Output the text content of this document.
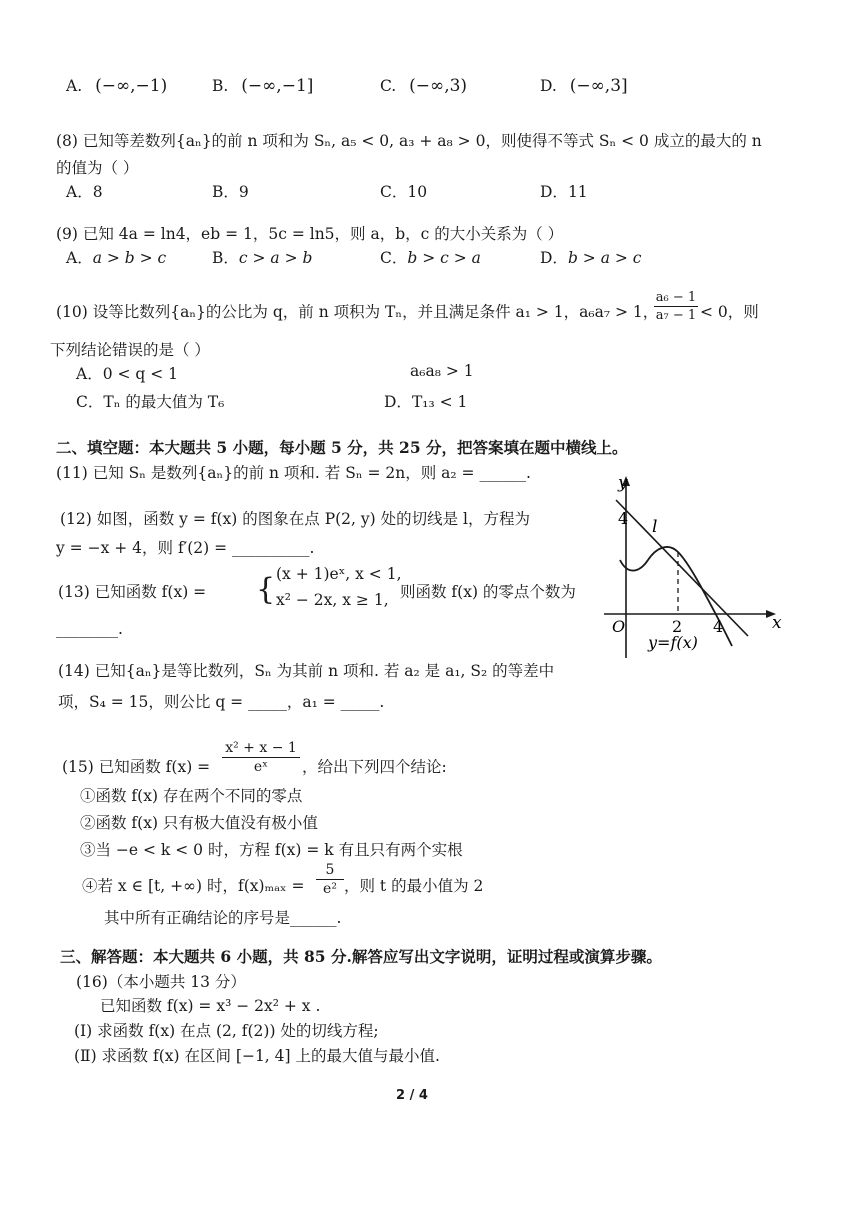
A. (−∞,−1)	B. (−∞,−1]	C. (−∞,3)	D. (−∞,3]
(8) 已知等差数列{aₙ}的前 n 项和为 Sₙ, a₅ < 0, a₃ + a₈ > 0，则使得不等式 Sₙ < 0 成立的最大的 n
的值为（ ）
A．8	B．9	C．10	D．11
(9) 已知 4a = ln4，eb = 1，5c = ln5，则 a，b，c 的大小关系为（ ）
A．a > b > c	B．c > a > b	C．b > c > a	D．b > a > c
(10) 设等比数列{aₙ}的公比为 q，前 n 项积为 Tₙ，并且满足条件 a₁ > 1，a₆a₇ > 1，
$\frac{\text{a₆ − 1}}{\text{a₇ − 1}} < 0$，则
下列结论错误的是（ ）
A．0 < q < 1	a₆a₈ > 1
C．Tₙ 的最大值为 T₆	D．T₁₃ < 1
二、填空题：本大题共 5 小题，每小题 5 分，共 25 分，把答案填在题中横线上。
(11) 已知 Sₙ 是数列{aₙ}的前 n 项和. 若 Sₙ = 2n，则 a₂ = ______.
(12) 如图，函数 y = f(x) 的图象在点 P(2, y) 处的切线是 l，方程为
y = −x + 4，则 f′(2) = __________.
(13) 已知函数 f(x) = { (x + 1)eˣ, x < 1,
x² − 2x, x ≥ 1, 则函数 f(x) 的零点个数为
________.
(14) 已知{aₙ}是等比数列，Sₙ 为其前 n 项和. 若 a₂ 是 a₁, S₂ 的等差中
项，S₄ = 15，则公比 q = _____，a₁ = _____.
y
x
O
4
2 4
l
y=f(x)
(15) 已知函数 $f(x) = \frac{\text{x² + x − 1}}{\text{eˣ}}$ ，给出下列四个结论:
①函数 f(x) 存在两个不同的零点
②函数 f(x) 只有极大值没有极小值
③当 −e < k < 0 时，方程 f(x) = k 有且只有两个实根
④若 x ∈ [t, +∞) 时，$f(x)_{max} = \frac{5}{\text{e²}}$ ，则 t 的最小值为 2
其中所有正确结论的序号是______.
三、解答题：本大题共 6 小题，共 85 分.解答应写出文字说明，证明过程或演算步骤。
(16)（本小题共 13 分）
已知函数 f(x) = x³ − 2x² + x .
(Ⅰ) 求函数 f(x) 在点 (2, f(2)) 处的切线方程;
(Ⅱ) 求函数 f(x) 在区间 [−1, 4] 上的最大值与最小值.
2 / 4
